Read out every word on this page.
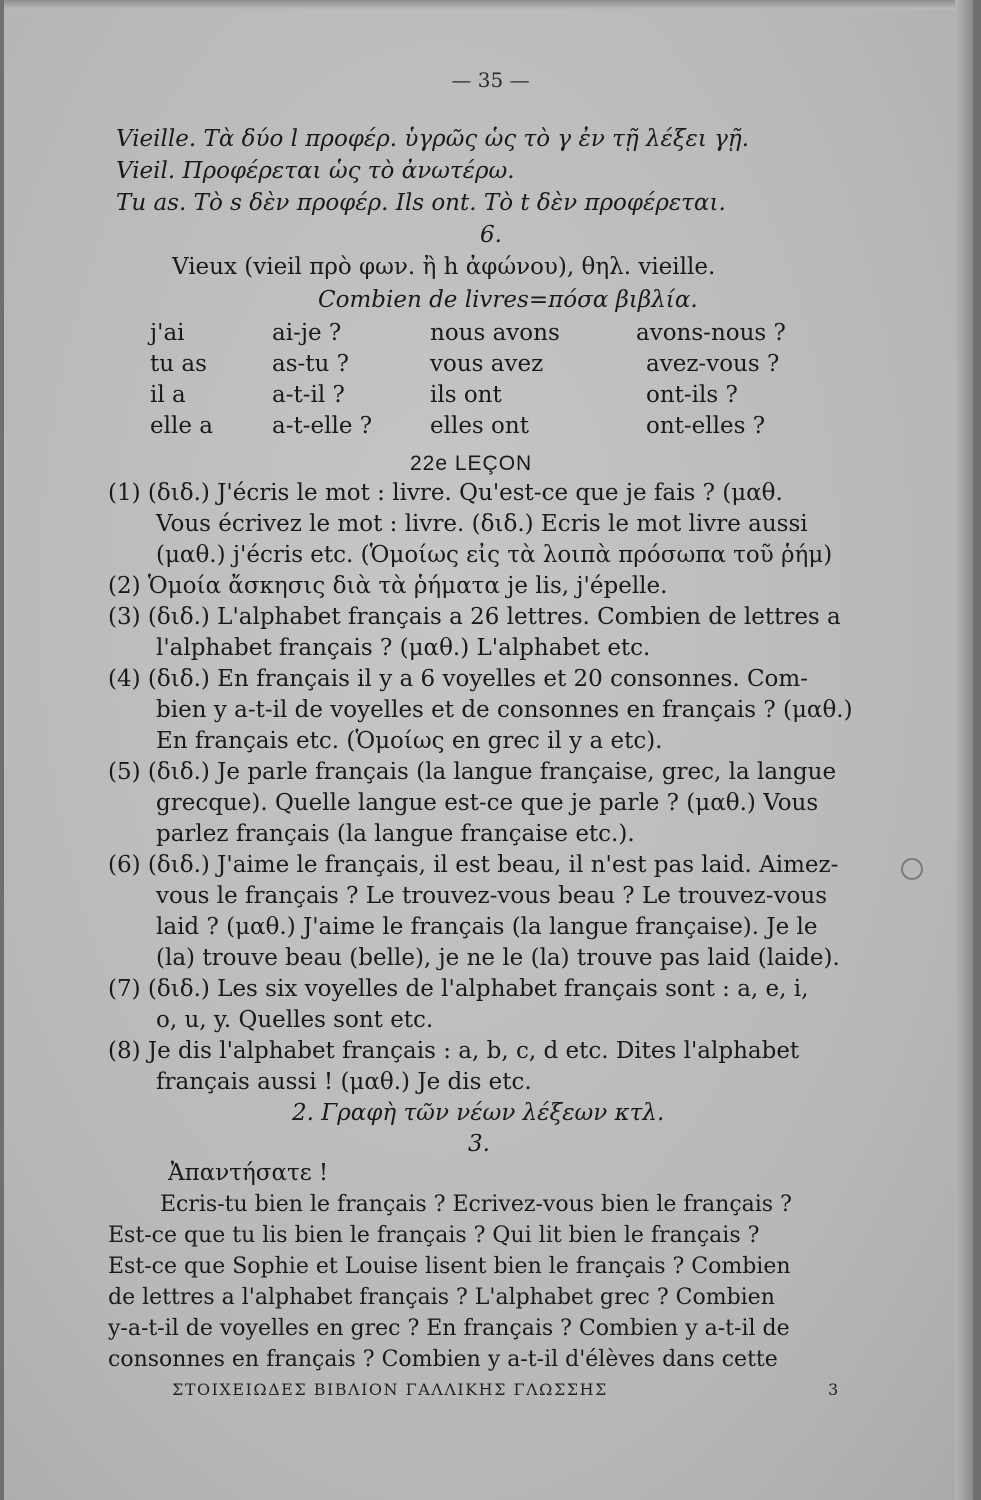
— 35 —
Vieille. Τὰ δύο l προφέρ. ὑγρῶς ὡς τὸ γ ἐν τῇ λέξει γῇ.
Vieil. Προφέρεται ὡς τὸ ἀνωτέρω.
Tu as. Τὸ s δὲν προφέρ. Ils ont. Τὸ t δὲν προφέρεται.
6.
Vieux (vieil πρὸ φων. ἢ h ἀφώνου), θηλ. vieille.
Combien de livres=πόσα βιβλία.
j'ai	ai-je ?	nous avons	avons-nous ?
tu as	as-tu ?	vous avez	avez-vous ?
il a	a-t-il ?	ils ont	ont-ils ?
elle a	a-t-elle ?	elles ont	ont-elles ?
22e LEÇON
(1) (διδ.) J'écris le mot : livre. Qu'est-ce que je fais ? (μαθ.
Vous écrivez le mot : livre. (διδ.) Ecris le mot livre aussi
(μαθ.) j'écris etc. (Ὁμοίως εἰς τὰ λοιπὰ πρόσωπα τοῦ ῥήμ)
(2) Ὁμοία ἄσκησις διὰ τὰ ῥήματα je lis, j'épelle.
(3) (διδ.) L'alphabet français a 26 lettres. Combien de lettres a
l'alphabet français ? (μαθ.) L'alphabet etc.
(4) (διδ.) En français il y a 6 voyelles et 20 consonnes. Com-
bien y a-t-il de voyelles et de consonnes en français ? (μαθ.)
En français etc. (Ὁμοίως en grec il y a etc).
(5) (διδ.) Je parle français (la langue française, grec, la langue
grecque). Quelle langue est-ce que je parle ? (μαθ.) Vous
parlez français (la langue française etc.).
(6) (διδ.) J'aime le français, il est beau, il n'est pas laid. Aimez-
vous le français ? Le trouvez-vous beau ? Le trouvez-vous
laid ? (μαθ.) J'aime le français (la langue française). Je le
(la) trouve beau (belle), je ne le (la) trouve pas laid (laide).
(7) (διδ.) Les six voyelles de l'alphabet français sont : a, e, i,
o, u, y. Quelles sont etc.
(8) Je dis l'alphabet français : a, b, c, d etc. Dites l'alphabet
français aussi ! (μαθ.) Je dis etc.
2. Γραφὴ τῶν νέων λέξεων κτλ.
3.
Ἀπαντήσατε !
Ecris-tu bien le français ? Ecrivez-vous bien le français ?
Est-ce que tu lis bien le français ? Qui lit bien le français ?
Est-ce que Sophie et Louise lisent bien le français ? Combien
de lettres a l'alphabet français ? L'alphabet grec ? Combien
y-a-t-il de voyelles en grec ? En français ? Combien y a-t-il de
consonnes en français ? Combien y a-t-il d'élèves dans cette
ΣΤΟΙΧΕΙΩΔΕΣ ΒΙΒΛΙΟΝ ΓΑΛΛΙΚΗΣ ΓΛΩΣΣΗΣ	3
